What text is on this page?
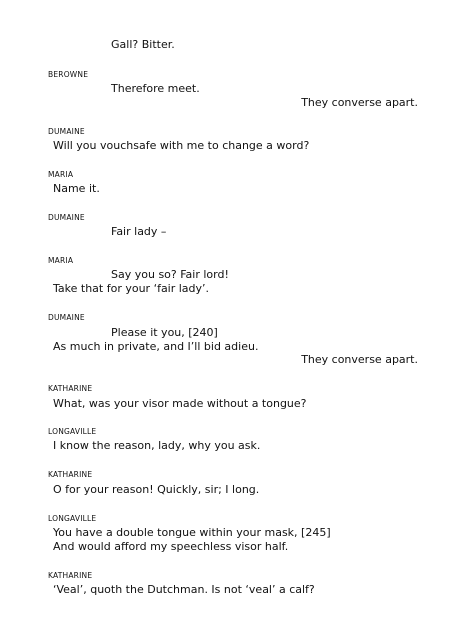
Gall? Bitter.
BEROWNE
Therefore meet.
They converse apart.
DUMAINE
Will you vouchsafe with me to change a word?
MARIA
Name it.
DUMAINE
Fair lady –
MARIA
Say you so? Fair lord!
Take that for your ‘fair lady’.
DUMAINE
Please it you, [240]
As much in private, and I’ll bid adieu.
They converse apart.
KATHARINE
What, was your visor made without a tongue?
LONGAVILLE
I know the reason, lady, why you ask.
KATHARINE
O for your reason! Quickly, sir; I long.
LONGAVILLE
You have a double tongue within your mask, [245]
And would afford my speechless visor half.
KATHARINE
‘Veal’, quoth the Dutchman. Is not ‘veal’ a calf?
